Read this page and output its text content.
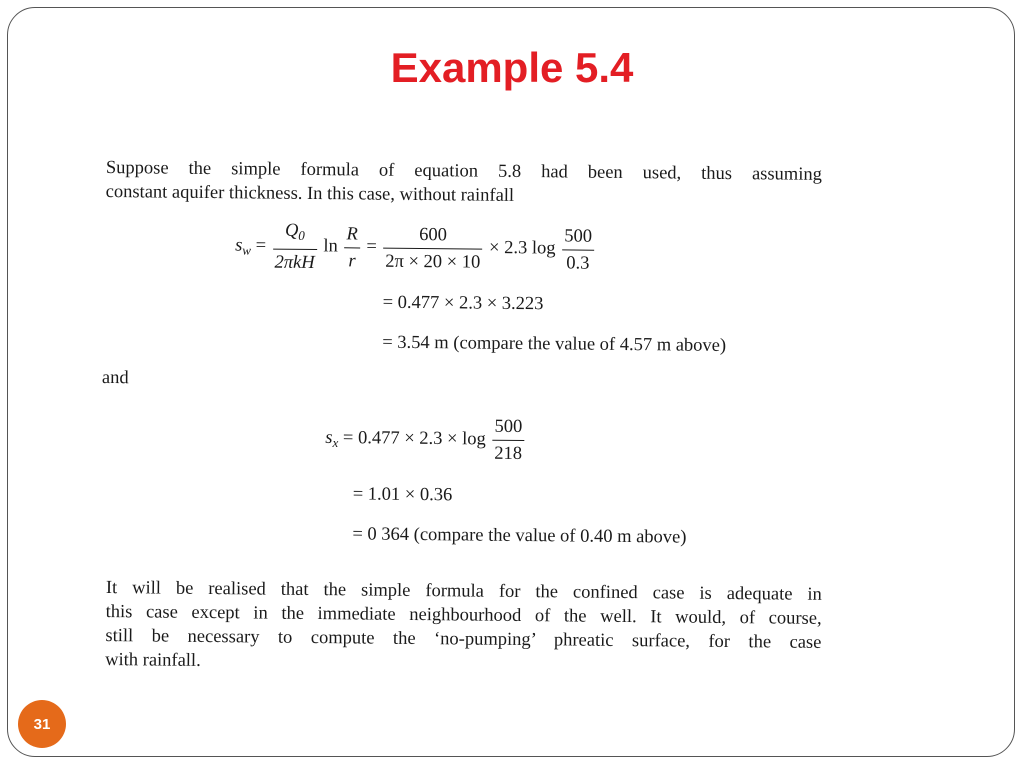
Example 5.4
Suppose the simple formula of equation 5.8 had been used, thus assuming
constant aquifer thickness. In this case, without rainfall
$s_w = \frac{Q_0}{\text{2πkH}}$ $\ln \frac{R}{r} = \frac{600}{2\pi \times 20 \times 10} \times 2.3$ $\log \frac{500}{0.3}$
= 0.477 × 2.3 × 3.223
= 3.54 m (compare the value of 4.57 m above)
and
$s_x = 0.477 \times 2.3 \times \log \frac{500}{218}$
= 1.01 × 0.36
= 0 364 (compare the value of 0.40 m above)
It will be realised that the simple formula for the confined case is adequate in
this case except in the immediate neighbourhood of the well. It would, of course,
still be necessary to compute the ‘no-pumping’ phreatic surface, for the case
with rainfall.
31
